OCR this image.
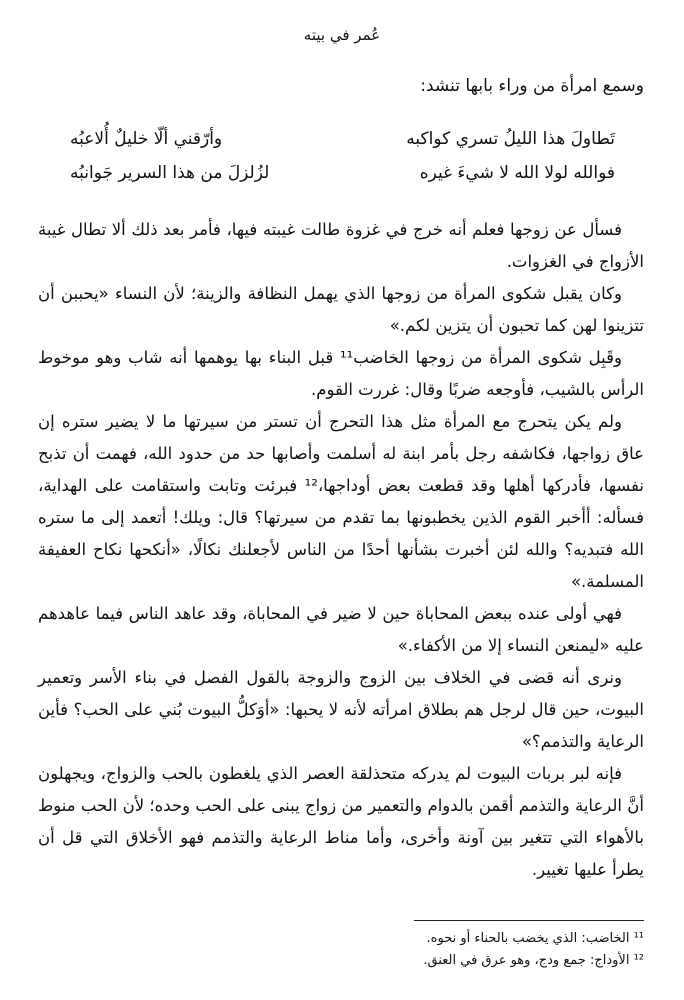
عُمر في بيته
وسمع امرأة من وراء بابها تنشد:
تَطاولَ هذا الليلُ تسري كواكبه
وأرّقني ألّا خليلٌ أُلاعبُه
فوالله لولا الله لا شيءَ غيره
لزُلزلَ من هذا السرير جَوانبُه

فسأل عن زوجها فعلم أنه خرج في غزوة طالت غيبته فيها، فأمر بعد ذلك ألا تطال غيبة الأزواج في الغزوات.

وكان يقبل شكوى المرأة من زوجها الذي يهمل النظافة والزينة؛ لأن النساء «يحببن أن تتزينوا لهن كما تحبون أن يتزين لكم.»

وقَبِل شكوى المرأة من زوجها الخاضب¹¹ قبل البناء بها يوهمها أنه شاب وهو موخوط الرأس بالشيب، فأوجعه ضربًا وقال: غررت القوم.

ولم يكن يتحرج مع المرأة مثل هذا التحرج أن تستر من سيرتها ما لا يضير ستره إن عاق زواجها، فكاشفه رجل بأمر ابنة له أسلمت وأصابها حد من حدود الله، فهمت أن تذبح نفسها، فأدركها أهلها وقد قطعت بعض أوداجها،¹² فبرئت وتابت واستقامت على الهداية، فسأله: أأخبر القوم الذين يخطبونها بما تقدم من سيرتها؟ قال: ويلك! أتعمد إلى ما ستره الله فتبديه؟ والله لئن أخبرت بشأنها أحدًا من الناس لأجعلنك نكالًا، «أنكحها نكاح العفيفة المسلمة.»

فهي أولى عنده ببعض المحاباة حين لا ضير في المحاباة، وقد عاهد الناس فيما عاهدهم عليه «ليمنعن النساء إلا من الأكفاء.»

ونرى أنه قضى في الخلاف بين الزوج والزوجة بالقول الفصل في بناء الأسر وتعمير البيوت، حين قال لرجل هم بطلاق امرأته لأنه لا يحبها: «أوَكلُّ البيوت بُني على الحب؟ فأين الرعاية والتذمم؟»

فإنه لبر بربات البيوت لم يدركه متحذلقة العصر الذي يلغطون بالحب والزواج، ويجهلون أنَّ الرعاية والتذمم أقمن بالدوام والتعمير من زواج يبنى على الحب وحده؛ لأن الحب منوط بالأهواء التي تتغير بين آونة وأخرى، وأما مناط الرعاية والتذمم فهو الأخلاق التي قل أن يطرأ عليها تغيير.

¹¹ الخاضب: الذي يخضب بالحناء أو نحوه.

¹² الأوداج: جمع ودج، وهو عرق في العنق.
